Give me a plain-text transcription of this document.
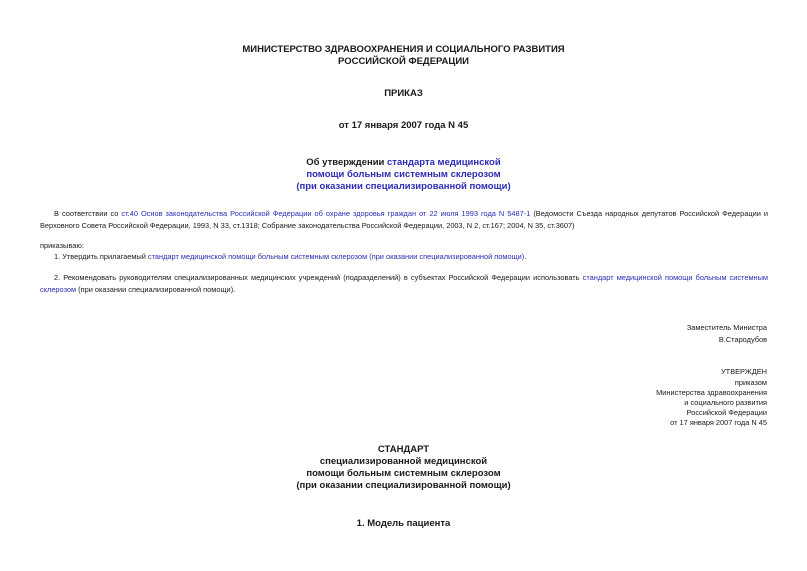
МИНИСТЕРСТВО ЗДРАВООХРАНЕНИЯ И СОЦИАЛЬНОГО РАЗВИТИЯ

РОССИЙСКОЙ ФЕДЕРАЦИИ

ПРИКАЗ

от 17 января 2007 года N 45

Об утверждении стандарта медицинской

помощи больным системным склерозом

(при оказании специализированной помощи)

В соответствии со ст.40 Основ законодательства Российской Федерации об охране здоровья граждан от 22 июля 1993 года N 5487-1 (Ведомости Съезда народных депутатов Российской Федерации и Верховного Совета Российской Федерации, 1993, N 33, ст.1318; Собрание законодательства Российской Федерации, 2003, N 2, ст.167; 2004, N 35, ст.3607)

приказываю:

1. Утвердить прилагаемый стандарт медицинской помощи больным системным склерозом (при оказании специализированной помощи).

2. Рекомендовать руководителям специализированных медицинских учреждений (подразделений) в субъектах Российской Федерации использовать стандарт медицинской помощи больным системным склерозом (при оказании специализированной помощи).

Заместитель Министра

В.Стародубов

УТВЕРЖДЕН

приказом

Министерства здравоохранения

и социального развития

Российской Федерации

от 17 января 2007 года N 45

СТАНДАРТ

специализированной медицинской

помощи больным системным склерозом

(при оказании специализированной помощи)

1. Модель пациента
